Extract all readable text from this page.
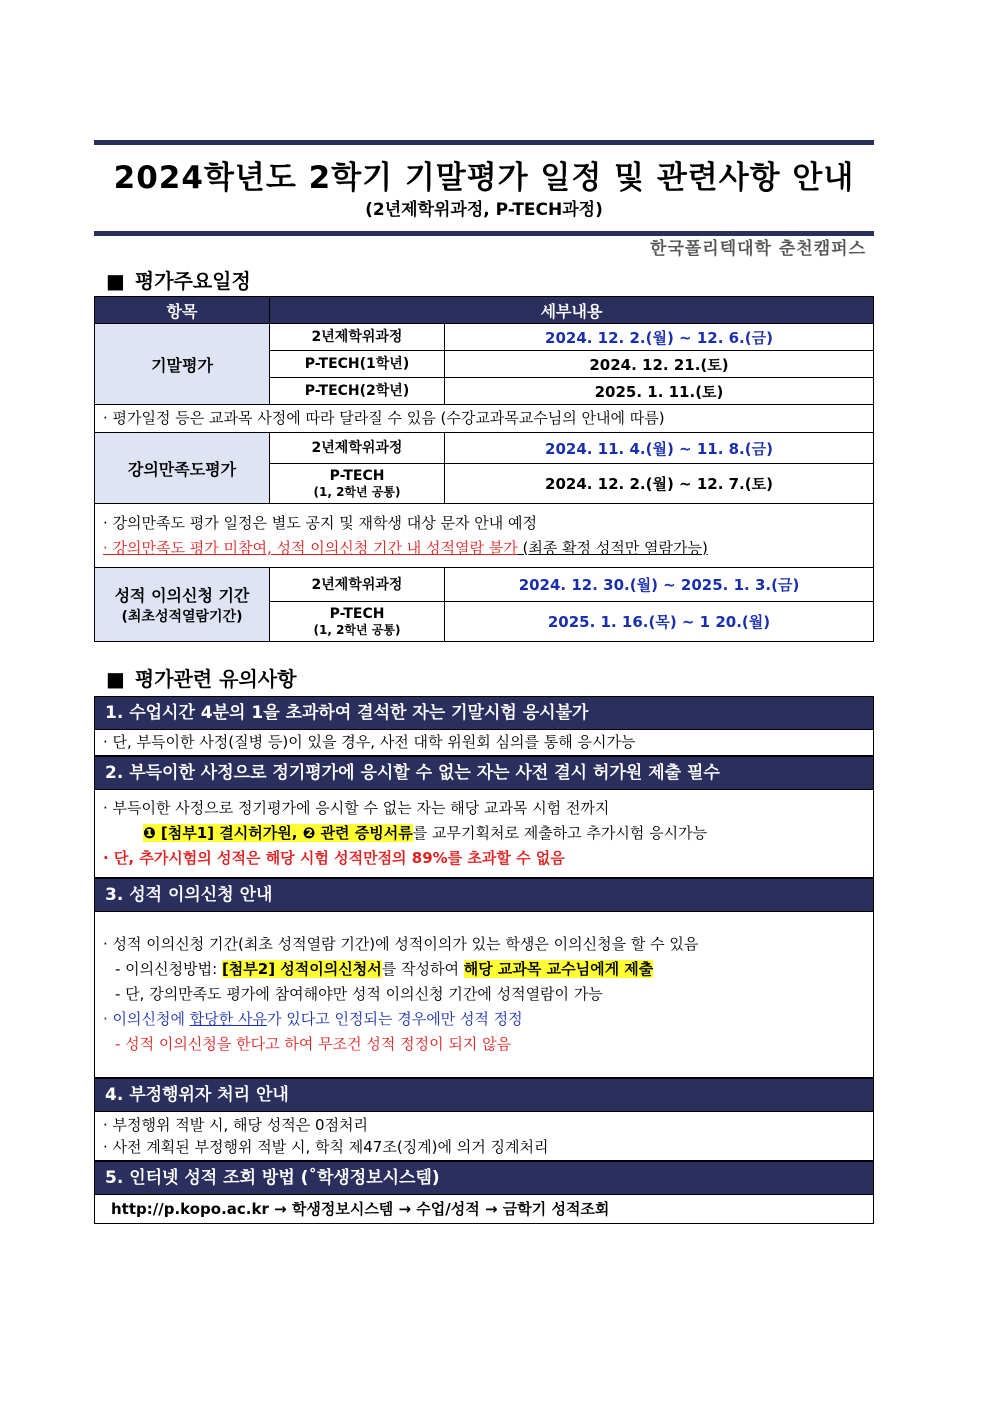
2024학년도 2학기 기말평가 일정 및 관련사항 안내
(2년제학위과정, P-TECH과정)
한국폴리텍대학 춘천캠퍼스
■ 평가주요일정
항목	세부내용	
기말평가	2년제학위과정	2024. 12. 2.(월) ~ 12. 6.(금)
	P-TECH(1학년)	2024. 12. 21.(토)
	P-TECH(2학년)	2025. 1. 11.(토)
· 평가일정 등은 교과목 사정에 따라 달라질 수 있음 (수강교과목교수님의 안내에 따름)		
강의만족도평가	2년제학위과정	2024. 11. 4.(월) ~ 11. 8.(금)

	P-TECH
(1, 2학년 공통)	2024. 12. 2.(월) ~ 12. 7.(토)

· 강의만족도 평가 일정은 별도 공지 및 재학생 대상 문자 안내 예정
· 강의만족도 평가 미참여, 성적 이의신청 기간 내 성적열람 불가 (최종 확정 성적만 열람가능)		

성적 이의신청 기간
(최초성적열람기간)	2년제학위과정	2024. 12. 30.(월) ~ 2025. 1. 3.(금)

	P-TECH
(1, 2학년 공통)	2025. 1. 16.(목) ~ 1 20.(월)
■ 평가관련 유의사항
1. 수업시간 4분의 1을 초과하여 결석한 자는 기말시험 응시불가
· 단, 부득이한 사정(질병 등)이 있을 경우, 사전 대학 위원회 심의를 통해 응시가능
2. 부득이한 사정으로 정기평가에 응시할 수 없는 자는 사전 결시 허가원 제출 필수
· 부득이한 사정으로 정기평가에 응시할 수 없는 자는 해당 교과목 시험 전까지
❶ [첨부1] 결시허가원, ❷ 관련 증빙서류를 교무기획처로 제출하고 추가시험 응시가능
· 단, 추가시험의 성적은 해당 시험 성적만점의 89%를 초과할 수 없음
3. 성적 이의신청 안내
· 성적 이의신청 기간(최초 성적열람 기간)에 성적이의가 있는 학생은 이의신청을 할 수 있음
- 이의신청방법: [첨부2] 성적이의신청서를 작성하여 해당 교과목 교수님에게 제출
- 단, 강의만족도 평가에 참여해야만 성적 이의신청 기간에 성적열람이 가능
· 이의신청에 합당한 사유가 있다고 인정되는 경우에만 성적 정정
- 성적 이의신청을 한다고 하여 무조건 성적 정정이 되지 않음
4. 부정행위자 처리 안내
· 부정행위 적발 시, 해당 성적은 0점처리
· 사전 계획된 부정행위 적발 시, 학칙 제47조(징계)에 의거 징계처리
5. 인터넷 성적 조회 방법 (˚학생정보시스템)
http://p.kopo.ac.kr → 학생정보시스템 → 수업/성적 → 금학기 성적조회
